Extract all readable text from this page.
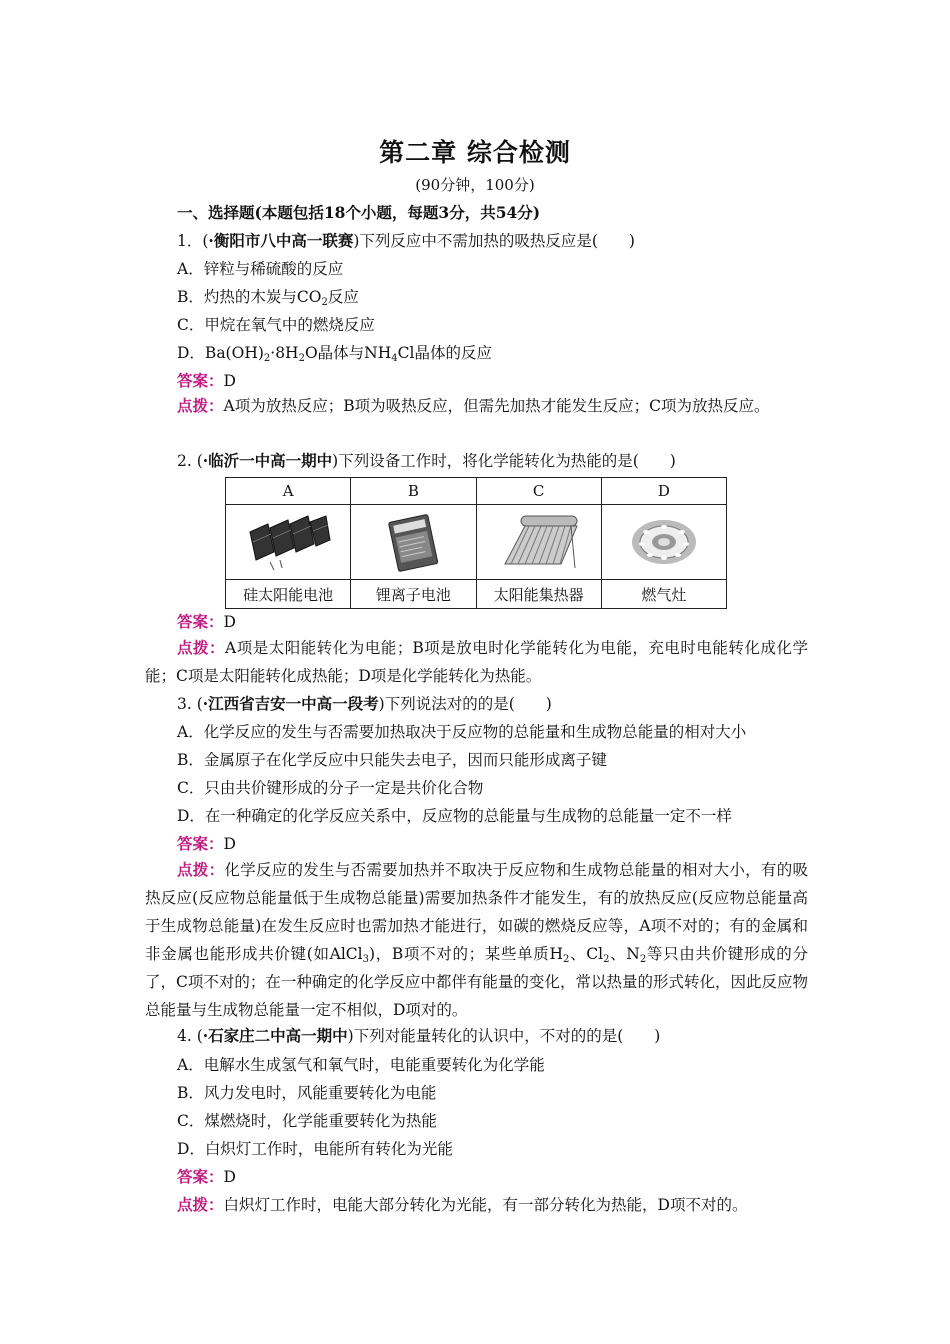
第二章 综合检测
(90分钟，100分)
一、选择题(本题包括18个小题，每题3分，共54分)
1．(·衡阳市八中高一联赛)下列反应中不需加热的吸热反应是(　　)
A．锌粒与稀硫酸的反应
B．灼热的木炭与$CO_2$反应
C．甲烷在氧气中的燃烧反应
D．$Ba(OH)_2\cdot 8H_2O$晶体与$NH_4Cl$晶体的反应
答案：D
点拨：A项为放热反应；B项为吸热反应，但需先加热才能发生反应；C项为放热反应。
2. (·临沂一中高一期中)下列设备工作时，将化学能转化为热能的是(　　)
A	B	C	D

硅太阳能电池	锂离子电池	太阳能集热器	燃气灶
答案：D
点拨：A项是太阳能转化为电能；B项是放电时化学能转化为电能，充电时电能转化成化学能；C项是太阳能转化成热能；D项是化学能转化为热能。
3. (·江西省吉安一中高一段考)下列说法对的的是(　　)
A．化学反应的发生与否需要加热取决于反应物的总能量和生成物总能量的相对大小
B．金属原子在化学反应中只能失去电子，因而只能形成离子键
C．只由共价键形成的分子一定是共价化合物
D．在一种确定的化学反应关系中，反应物的总能量与生成物的总能量一定不一样
答案：D
点拨：化学反应的发生与否需要加热并不取决于反应物和生成物总能量的相对大小，有的吸热反应(反应物总能量低于生成物总能量)需要加热条件才能发生，有的放热反应(反应物总能量高于生成物总能量)在发生反应时也需加热才能进行，如碳的燃烧反应等，A项不对的；有的金属和非金属也能形成共价键(如AlCl$_3$)，B项不对的；某些单质$H_2$、$Cl_2$、$N_2$等只由共价键形成的分了，C项不对的；在一种确定的化学反应中都伴有能量的变化，常以热量的形式转化，因此反应物总能量与生成物总能量一定不相似，D项对的。
4. (·石家庄二中高一期中)下列对能量转化的认识中，不对的的是(　　)
A．电解水生成氢气和氧气时，电能重要转化为化学能
B．风力发电时，风能重要转化为电能
C．煤燃烧时，化学能重要转化为热能
D．白炽灯工作时，电能所有转化为光能
答案：D
点拨：白炽灯工作时，电能大部分转化为光能，有一部分转化为热能，D项不对的。
